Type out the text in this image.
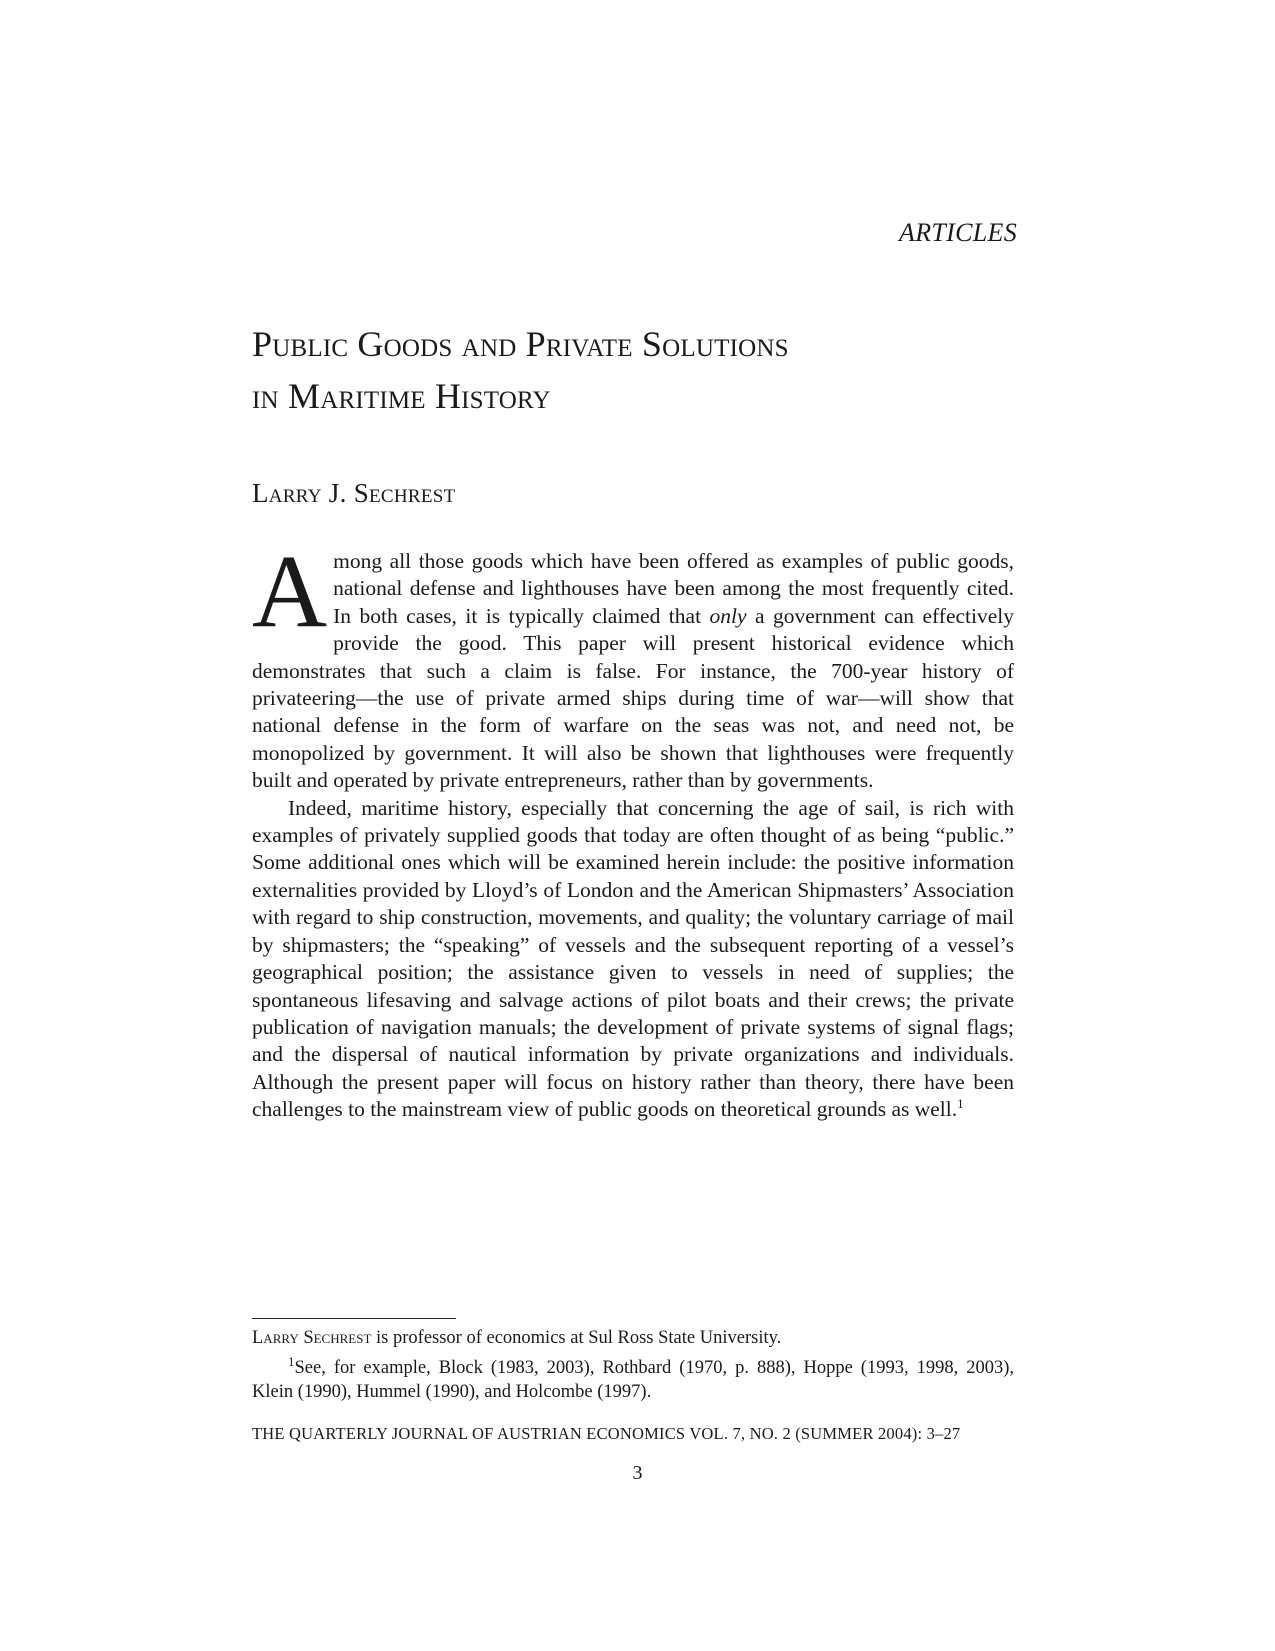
ARTICLES
Public Goods and Private Solutions
in Maritime History
Larry J. Sechrest

Among all those goods which have been offered as examples of public goods, national defense and lighthouses have been among the most frequently cited. In both cases, it is typically claimed that only a government can effectively provide the good. This paper will present historical evidence which demonstrates that such a claim is false. For instance, the 700-year history of privateering—the use of private armed ships during time of war—will show that national defense in the form of warfare on the seas was not, and need not, be monopolized by government. It will also be shown that lighthouses were frequently built and operated by private entrepreneurs, rather than by governments.

Indeed, maritime history, especially that concerning the age of sail, is rich with examples of privately supplied goods that today are often thought of as being “public.” Some additional ones which will be examined herein include: the positive information externalities provided by Lloyd’s of London and the American Shipmasters’ Association with regard to ship construction, movements, and quality; the voluntary carriage of mail by shipmasters; the “speaking” of vessels and the subsequent reporting of a vessel’s geographical position; the assistance given to vessels in need of supplies; the spontaneous lifesaving and salvage actions of pilot boats and their crews; the private publication of navigation manuals; the development of private systems of signal flags; and the dispersal of nautical information by private organizations and individuals. Although the present paper will focus on history rather than theory, there have been challenges to the mainstream view of public goods on theoretical grounds as well.$^1$

Larry Sechrest is professor of economics at Sul Ross State University.

$^1$See, for example, Block (1983, 2003), Rothbard (1970, p. 888), Hoppe (1993, 1998, 2003), Klein (1990), Hummel (1990), and Holcombe (1997).

THE QUARTERLY JOURNAL OF AUSTRIAN ECONOMICS VOL. 7, NO. 2 (SUMMER 2004): 3–27
3
